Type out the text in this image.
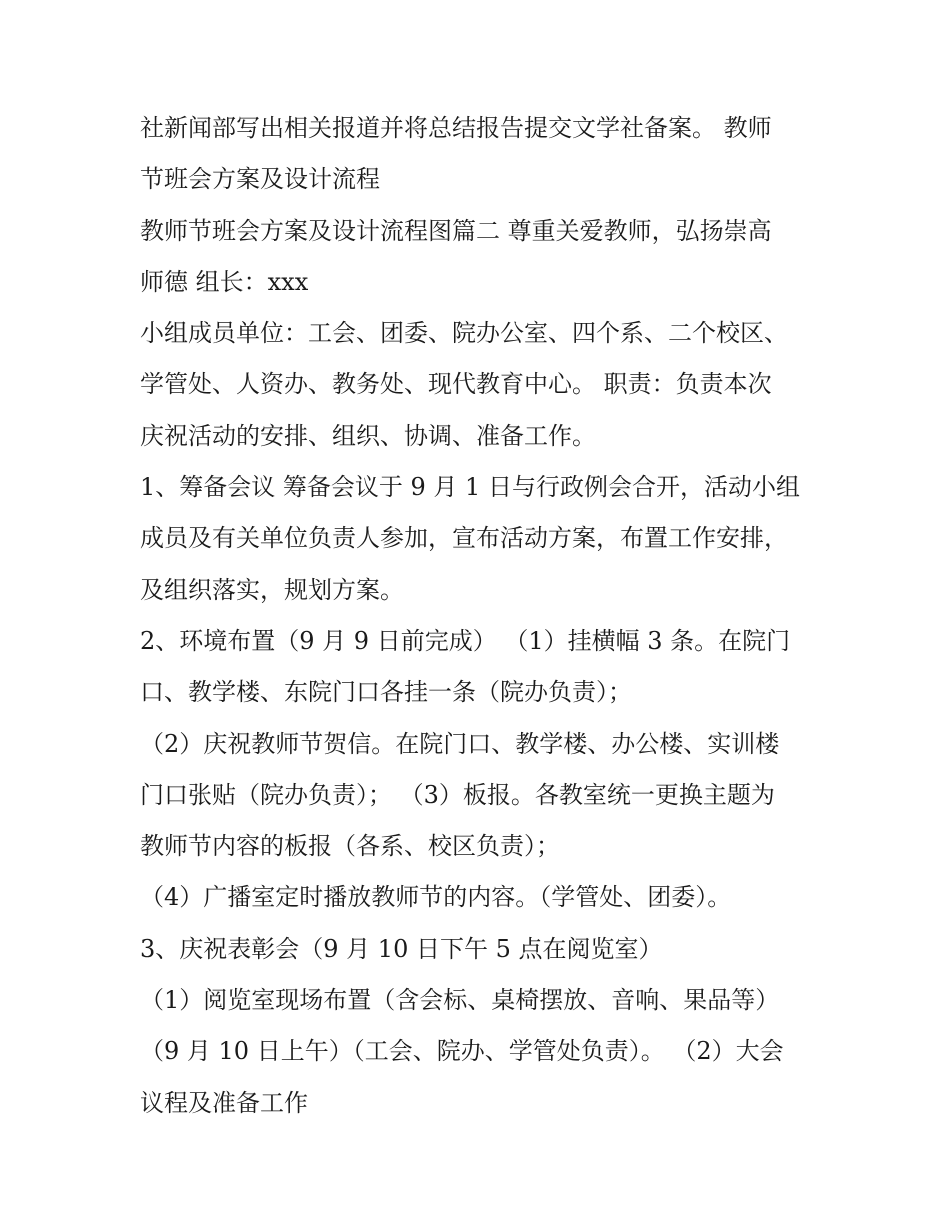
社新闻部写出相关报道并将总结报告提交文学社备案。 教师
节班会方案及设计流程
教师节班会方案及设计流程图篇二 尊重关爱教师，弘扬崇高
师德 组长：xxx
小组成员单位：工会、团委、院办公室、四个系、二个校区、
学管处、人资办、教务处、现代教育中心。 职责：负责本次
庆祝活动的安排、组织、协调、准备工作。
1、筹备会议 筹备会议于 9 月 1 日与行政例会合开，活动小组
成员及有关单位负责人参加，宣布活动方案，布置工作安排，
及组织落实，规划方案。
2、环境布置（9 月 9 日前完成） （1）挂横幅 3 条。在院门
口、教学楼、东院门口各挂一条（院办负责）；
（2）庆祝教师节贺信。在院门口、教学楼、办公楼、实训楼
门口张贴（院办负责）； （3）板报。各教室统一更换主题为
教师节内容的板报（各系、校区负责）；
（4）广播室定时播放教师节的内容。（学管处、团委）。
3、庆祝表彰会（9 月 10 日下午 5 点在阅览室）
（1）阅览室现场布置（含会标、桌椅摆放、音响、果品等）
（9 月 10 日上午）（工会、院办、学管处负责）。 （2）大会
议程及准备工作
